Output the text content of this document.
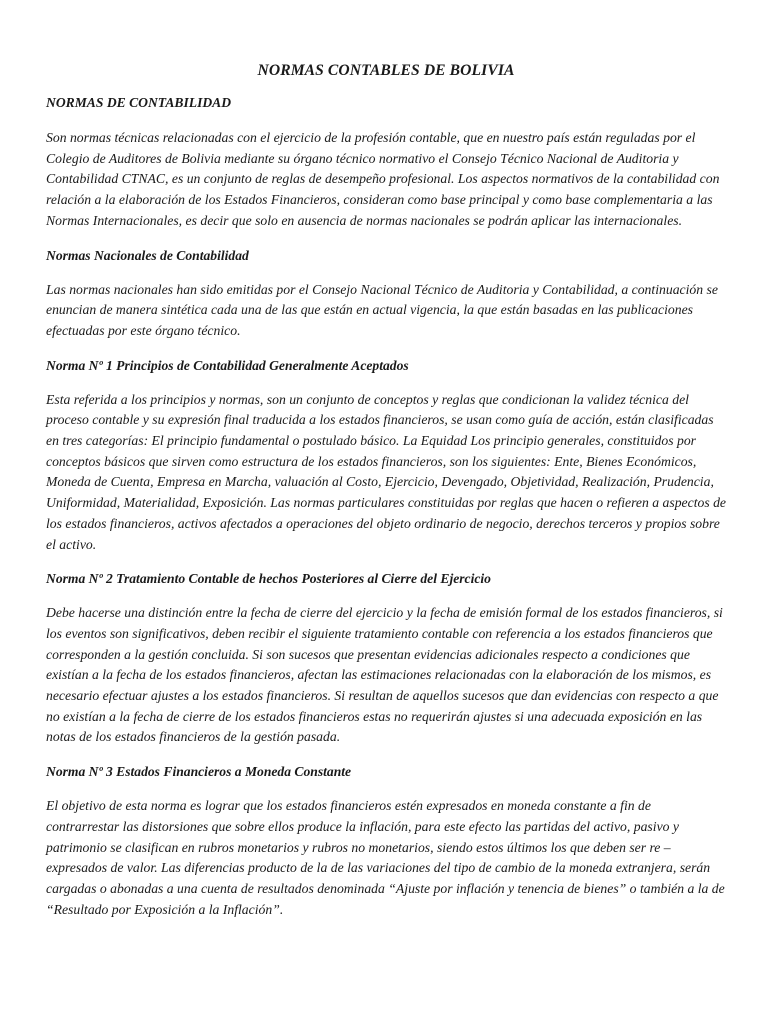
NORMAS CONTABLES DE BOLIVIA
NORMAS DE CONTABILIDAD
Son normas técnicas relacionadas con el ejercicio de la profesión contable, que en nuestro país están reguladas por el Colegio de Auditores de Bolivia mediante su órgano técnico normativo el Consejo Técnico Nacional de Auditoria y Contabilidad CTNAC, es un conjunto de reglas de desempeño profesional. Los aspectos normativos de la contabilidad con relación a la elaboración de los Estados Financieros, consideran como base principal y como base complementaria a las Normas Internacionales, es decir que solo en ausencia de normas nacionales se podrán aplicar las internacionales.
Normas Nacionales de Contabilidad
Las normas nacionales han sido emitidas por el Consejo Nacional Técnico de Auditoria y Contabilidad, a continuación se enuncian de manera sintética cada una de las que están en actual vigencia, la que están basadas en las publicaciones efectuadas por este órgano técnico.
Norma Nº 1 Principios de Contabilidad Generalmente Aceptados
Esta referida a los principios y normas, son un conjunto de conceptos y reglas que condicionan la validez técnica del proceso contable y su expresión final traducida a los estados financieros, se usan como guía de acción, están clasificadas en tres categorías: El principio fundamental o postulado básico. La Equidad Los principio generales, constituidos por conceptos básicos que sirven como estructura de los estados financieros, son los siguientes: Ente, Bienes Económicos, Moneda de Cuenta, Empresa en Marcha, valuación al Costo, Ejercicio, Devengado, Objetividad, Realización, Prudencia, Uniformidad, Materialidad, Exposición. Las normas particulares constituidas por reglas que hacen o refieren a aspectos de los estados financieros, activos afectados a operaciones del objeto ordinario de negocio, derechos terceros y propios sobre el activo.
Norma Nº 2 Tratamiento Contable de hechos Posteriores al Cierre del Ejercicio
Debe hacerse una distinción entre la fecha de cierre del ejercicio y la fecha de emisión formal de los estados financieros, si los eventos son significativos, deben recibir el siguiente tratamiento contable con referencia a los estados financieros que corresponden a la gestión concluida. Si son sucesos que presentan evidencias adicionales respecto a condiciones que existían a la fecha de los estados financieros, afectan las estimaciones relacionadas con la elaboración de los mismos, es necesario efectuar ajustes a los estados financieros. Si resultan de aquellos sucesos que dan evidencias con respecto a que no existían a la fecha de cierre de los estados financieros estas no requerirán ajustes si una adecuada exposición en las notas de los estados financieros de la gestión pasada.
Norma Nº 3 Estados Financieros a Moneda Constante
El objetivo de esta norma es lograr que los estados financieros estén expresados en moneda constante a fin de contrarrestar las distorsiones que sobre ellos produce la inflación, para este efecto las partidas del activo, pasivo y patrimonio se clasifican en rubros monetarios y rubros no monetarios, siendo estos últimos los que deben ser re – expresados de valor. Las diferencias producto de la de las variaciones del tipo de cambio de la moneda extranjera, serán cargadas o abonadas a una cuenta de resultados denominada “Ajuste por inflación y tenencia de bienes” o también a la de “Resultado por Exposición a la Inflación”.
